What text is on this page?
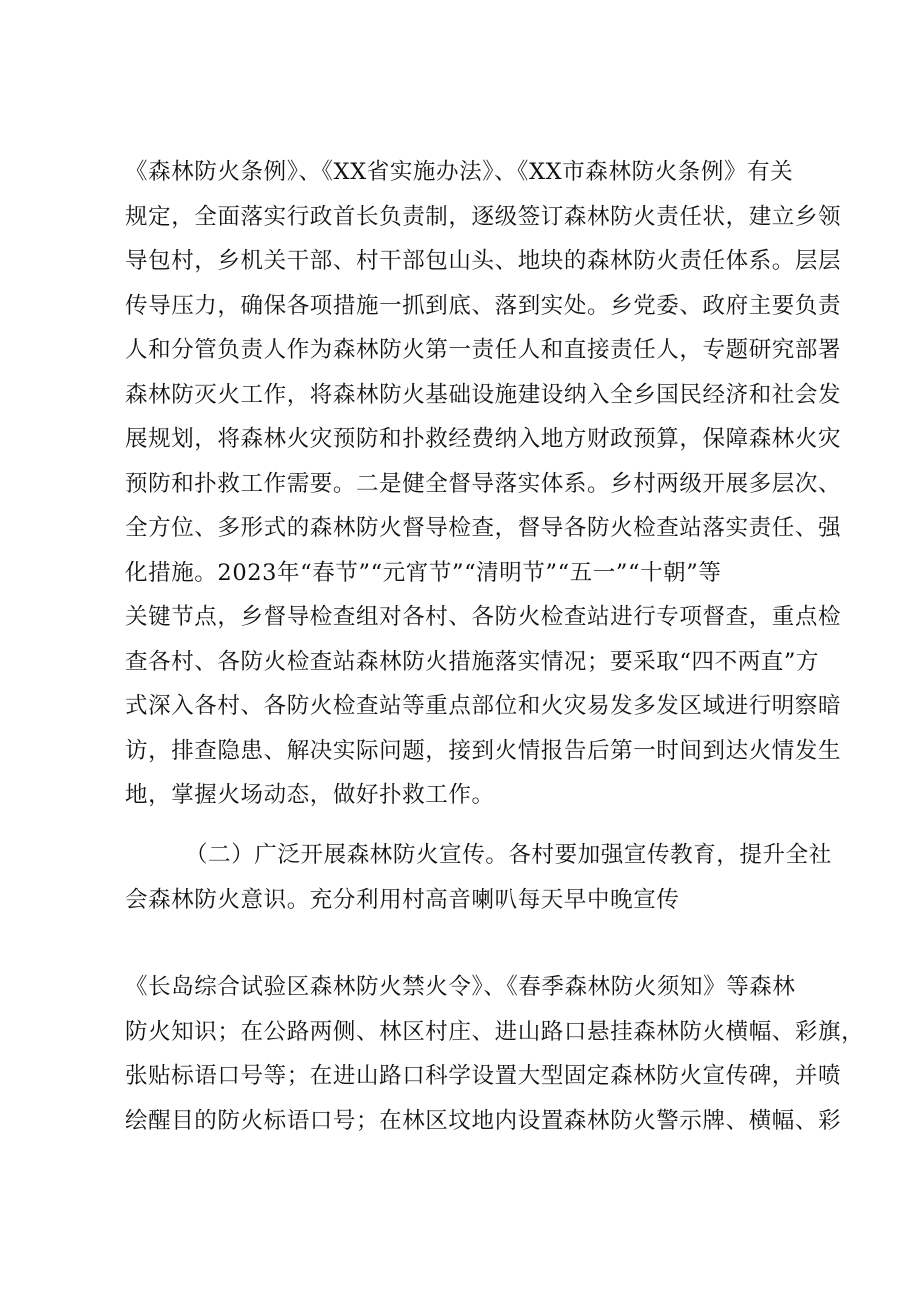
《森林防火条例》、《XX省实施办法》、《XX市森林防火条例》有关
规定，全面落实行政首长负责制，逐级签订森林防火责任状，建立乡领
导包村，乡机关干部、村干部包山头、地块的森林防火责任体系。层层
传导压力，确保各项措施一抓到底、落到实处。乡党委、政府主要负责
人和分管负责人作为森林防火第一责任人和直接责任人，专题研究部署
森林防灭火工作，将森林防火基础设施建设纳入全乡国民经济和社会发
展规划，将森林火灾预防和扑救经费纳入地方财政预算，保障森林火灾
预防和扑救工作需要。二是健全督导落实体系。乡村两级开展多层次、
全方位、多形式的森林防火督导检查，督导各防火检查站落实责任、强
化措施。2023年“春节”“元宵节”“清明节”“五一”“十朝”等
关键节点，乡督导检查组对各村、各防火检查站进行专项督查，重点检
查各村、各防火检查站森林防火措施落实情况；要采取“四不两直”方
式深入各村、各防火检查站等重点部位和火灾易发多发区域进行明察暗
访，排查隐患、解决实际问题，接到火情报告后第一时间到达火情发生
地，掌握火场动态，做好扑救工作。
（二）广泛开展森林防火宣传。各村要加强宣传教育，提升全社
会森林防火意识。充分利用村高音喇叭每天早中晚宣传
《长岛综合试验区森林防火禁火令》、《春季森林防火须知》等森林
防火知识；在公路两侧、林区村庄、进山路口悬挂森林防火横幅、彩旗，
张贴标语口号等；在进山路口科学设置大型固定森林防火宣传碑，并喷
绘醒目的防火标语口号；在林区坟地内设置森林防火警示牌、横幅、彩
